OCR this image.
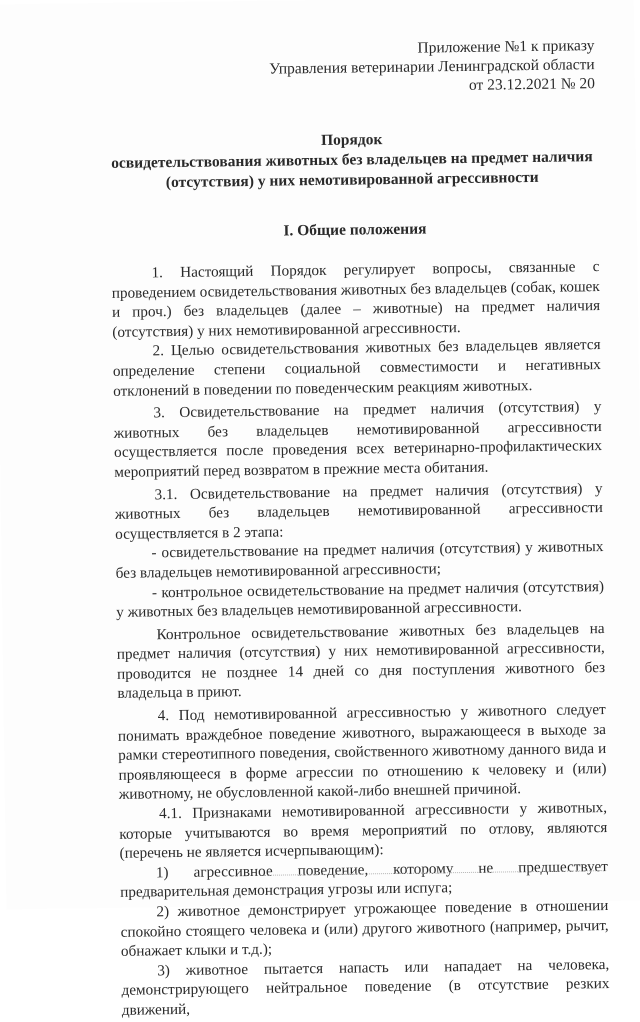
Приложение №1 к приказу
Управления ветеринарии Ленинградской области
от 23.12.2021 № 20
Порядок
освидетельствования животных без владельцев на предмет наличия
(отсутствия) у них немотивированной агрессивности
I. Общие положения

1. Настоящий Порядок регулирует вопросы, связанные с проведением освидетельствования животных без владельцев (собак, кошек и проч.) без владельцев (далее – животные) на предмет наличия (отсутствия) у них немотивированной агрессивности.

2. Целью освидетельствования животных без владельцев является определение степени социальной совместимости и негативных отклонений в поведении по поведенческим реакциям животных.

3. Освидетельствование на предмет наличия (отсутствия) у животных без владельцев немотивированной агрессивности осуществляется после проведения всех ветеринарно-профилактических мероприятий перед возвратом в прежние места обитания.

3.1. Освидетельствование на предмет наличия (отсутствия) у животных без владельцев немотивированной агрессивности осуществляется в 2 этапа:

- освидетельствование на предмет наличия (отсутствия) у животных без владельцев немотивированной агрессивности;

- контрольное освидетельствование на предмет наличия (отсутствия) у животных без владельцев немотивированной агрессивности.

Контрольное освидетельствование животных без владельцев на предмет наличия (отсутствия) у них немотивированной агрессивности, проводится не позднее 14 дней со дня поступления животного без владельца в приют.

4. Под немотивированной агрессивностью у животного следует понимать враждебное поведение животного, выражающееся в выходе за рамки стереотипного поведения, свойственного животному данного вида и проявляющееся в форме агрессии по отношению к человеку и (или) животному, не обусловленной какой-либо внешней причиной.

4.1. Признаками немотивированной агрессивности у животных, которые учитываются во время мероприятий по отлову, являются (перечень не является исчерпывающим):

1) агрессивное поведение, которому не предшествует предварительная демонстрация угрозы или испуга;

2) животное демонстрирует угрожающее поведение в отношении спокойно стоящего человека и (или) другого животного (например, рычит, обнажает клыки и т.д.);

3) животное пытается напасть или нападает на человека, демонстрирующего нейтральное поведение (в отсутствие резких движений,
